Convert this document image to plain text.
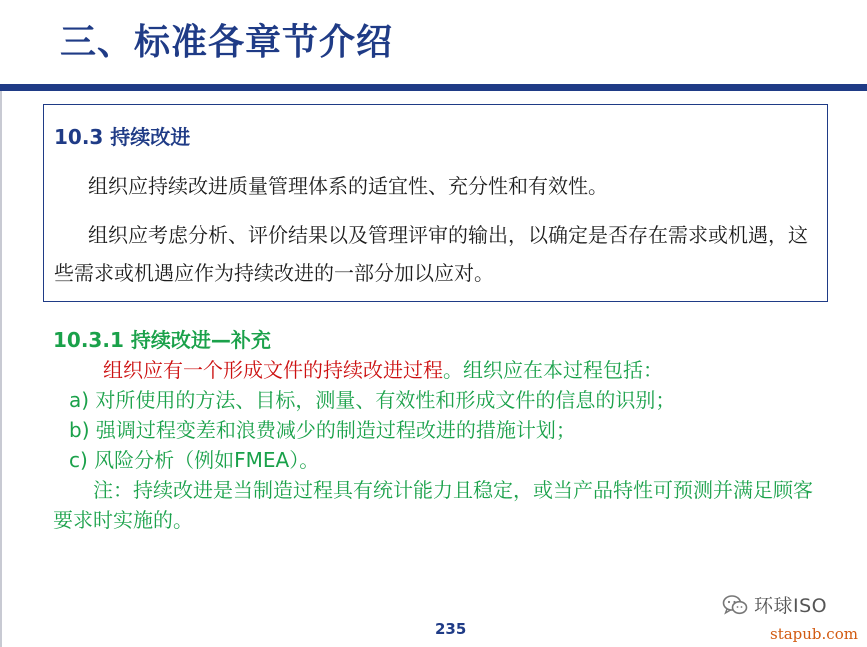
三、标准各章节介绍
10.3 持续改进

组织应持续改进质量管理体系的适宜性、充分性和有效性。

组织应考虑分析、评价结果以及管理评审的输出，以确定是否存在需求或机遇，这些需求或机遇应作为持续改进的一部分加以应对。

10.3.1 持续改进—补充
组织应有一个形成文件的持续改进过程。组织应在本过程包括：
a) 对所使用的方法、目标，测量、有效性和形成文件的信息的识别；
b) 强调过程变差和浪费减少的制造过程改进的措施计划；
c) 风险分析（例如FMEA）。
注：持续改进是当制造过程具有统计能力且稳定，或当产品特性可预测并满足顾客要求时实施的。
235
环球ISO
stapub.com
